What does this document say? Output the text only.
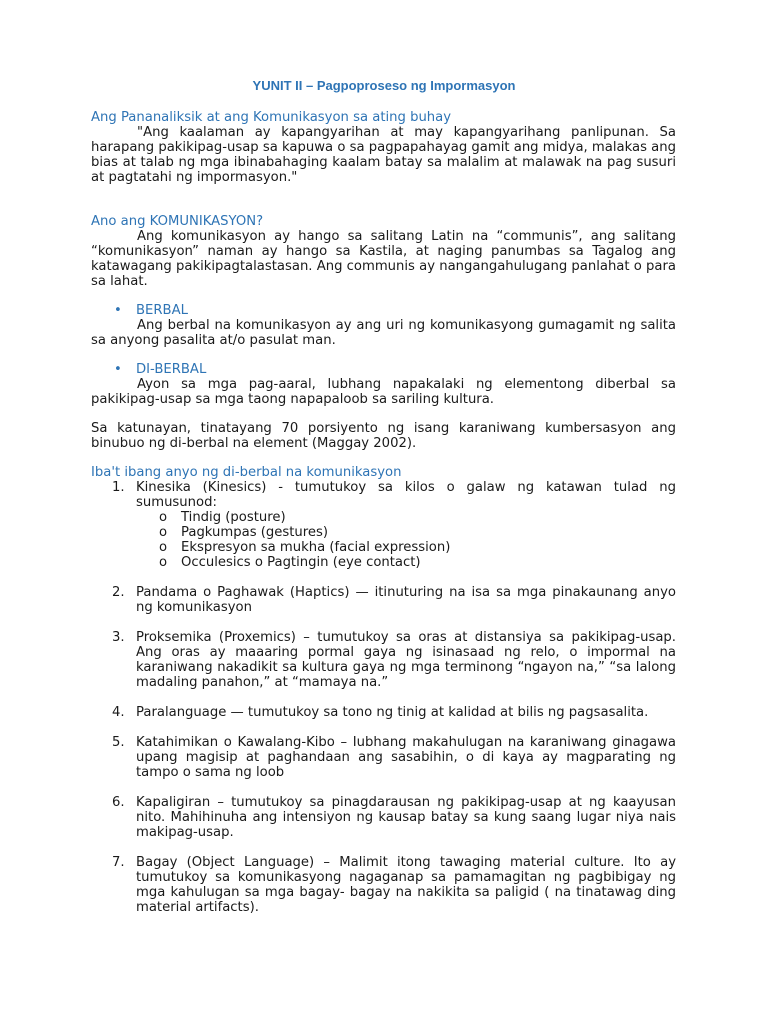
YUNIT II – Pagpoproseso ng Impormasyon
Ang Pananaliksik at ang Komunikasyon sa ating buhay

"Ang kaalaman ay kapangyarihan at may kapangyarihang panlipunan. Sa harapang pakikipag-usap sa kapuwa o sa pagpapahayag gamit ang midya, malakas ang bias at talab ng mga ibinabahaging kaalam batay sa malalim at malawak na pag susuri at pagtatahi ng impormasyon."

Ano ang KOMUNIKASYON?

Ang komunikasyon ay hango sa salitang Latin na “communis”, ang salitang “komunikasyon” naman ay hango sa Kastila, at naging panumbas sa Tagalog ang katawagang pakikipagtalastasan. Ang communis ay nangangahulugang panlahat o para sa lahat.

• BERBAL

Ang berbal na komunikasyon ay ang uri ng komunikasyong gumagamit ng salita sa anyong pasalita at/o pasulat man.

• DI-BERBAL

Ayon sa mga pag-aaral, lubhang napakalaki ng elementong diberbal sa pakikipag-usap sa mga taong napapaloob sa sariling kultura.

Sa katunayan, tinatayang 70 porsiyento ng isang karaniwang kumbersasyon ang binubuo ng di-berbal na element (Maggay 2002).

Iba't ibang anyo ng di-berbal na komunikasyon
1. Kinesika (Kinesics) - tumutukoy sa kilos o galaw ng katawan tulad ng sumusunod:
o Tindig (posture)
o Pagkumpas (gestures)
o Ekspresyon sa mukha (facial expression)
o Occulesics o Pagtingin (eye contact)
2. Pandama o Paghawak (Haptics) — itinuturing na isa sa mga pinakaunang anyo ng komunikasyon
3. Proksemika (Proxemics) – tumutukoy sa oras at distansiya sa pakikipag-usap. Ang oras ay maaaring pormal gaya ng isinasaad ng relo, o impormal na karaniwang nakadikit sa kultura gaya ng mga terminong “ngayon na,” “sa lalong madaling panahon,” at “mamaya na.”
4. Paralanguage — tumutukoy sa tono ng tinig at kalidad at bilis ng pagsasalita.
5. Katahimikan o Kawalang-Kibo – Iubhang makahulugan na karaniwang ginagawa upang magisip at paghandaan ang sasabihin, o di kaya ay magparating ng tampo o sama ng loob
6. Kapaligiran – tumutukoy sa pinagdarausan ng pakikipag-usap at ng kaayusan nito. Mahihinuha ang intensiyon ng kausap batay sa kung saang lugar niya nais makipag-usap.
7. Bagay (Object Language) – Malimit itong tawaging material culture. Ito ay tumutukoy sa komunikasyong nagaganap sa pamamagitan ng pagbibigay ng mga kahulugan sa mga bagay- bagay na nakikita sa paligid ( na tinatawag ding material artifacts).
